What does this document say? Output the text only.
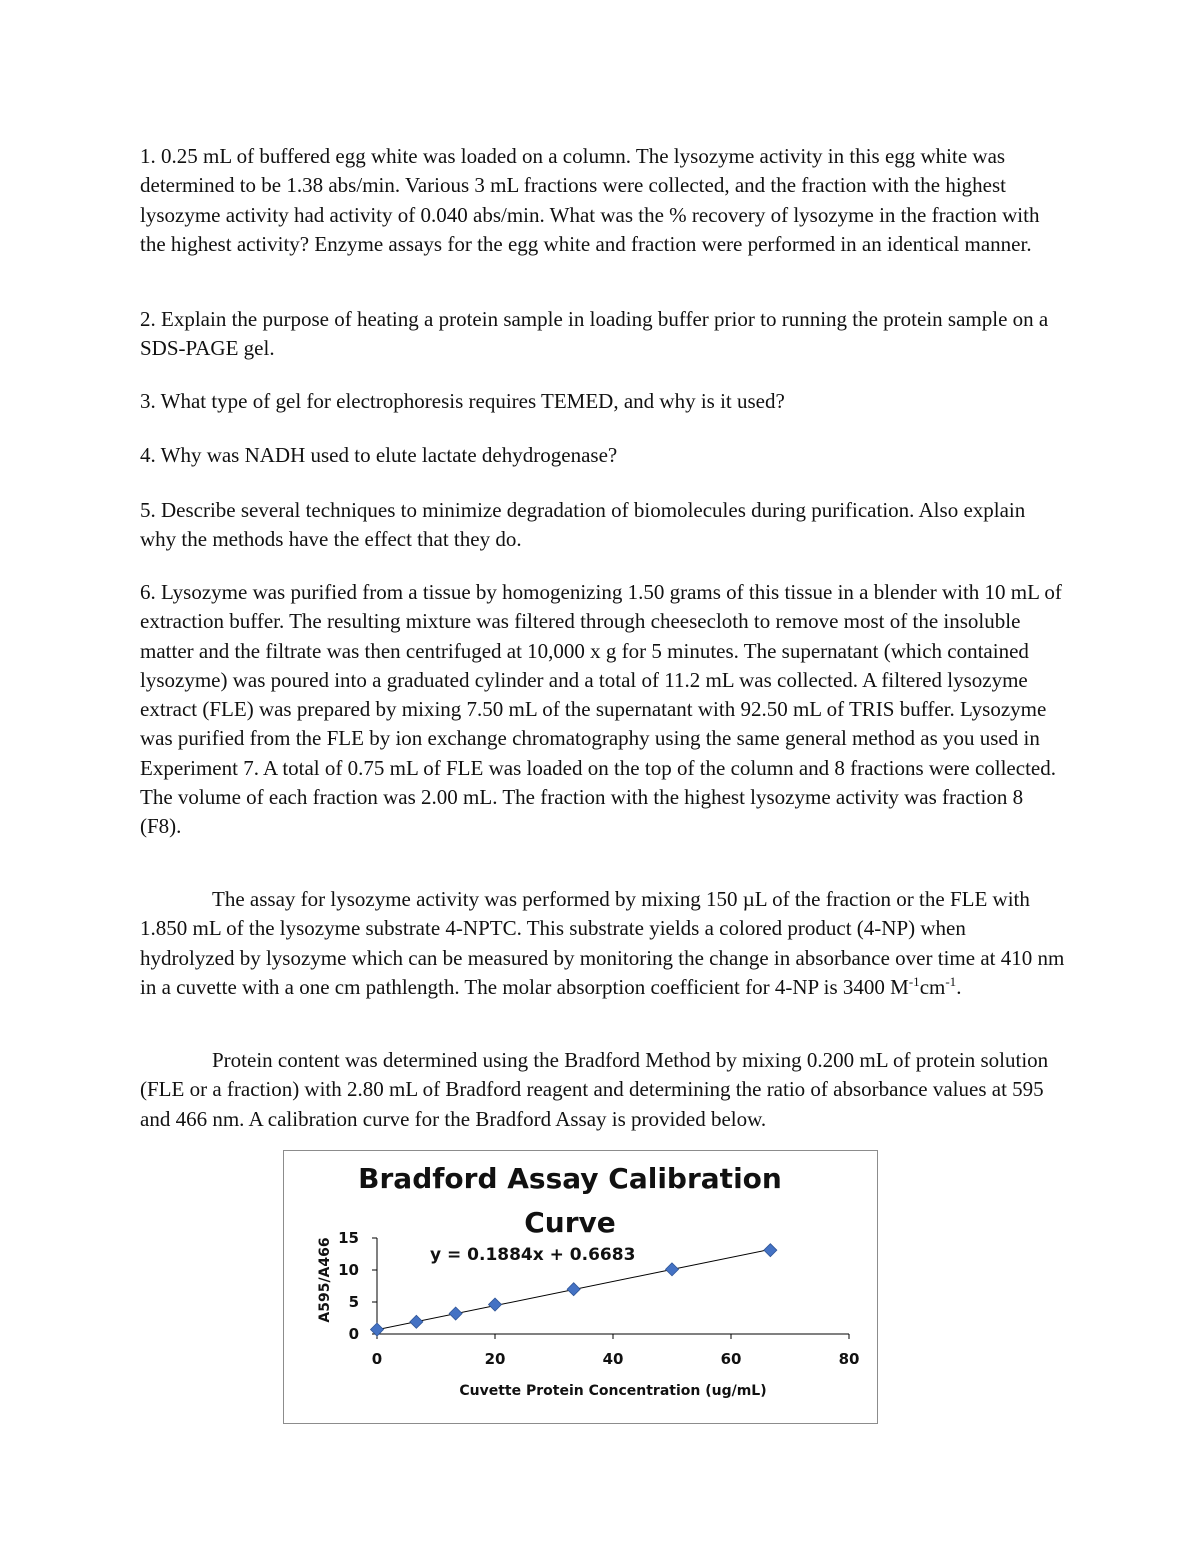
1. 0.25 mL of buffered egg white was loaded on a column. The lysozyme activity in this egg white was determined to be 1.38 abs/min. Various 3 mL fractions were collected, and the fraction with the highest lysozyme activity had activity of 0.040 abs/min. What was the % recovery of lysozyme in the fraction with the highest activity? Enzyme assays for the egg white and fraction were performed in an identical manner.

2. Explain the purpose of heating a protein sample in loading buffer prior to running the protein sample on a SDS-PAGE gel.

3. What type of gel for electrophoresis requires TEMED, and why is it used?

4. Why was NADH used to elute lactate dehydrogenase?

5. Describe several techniques to minimize degradation of biomolecules during purification. Also explain why the methods have the effect that they do.

6. Lysozyme was purified from a tissue by homogenizing 1.50 grams of this tissue in a blender with 10 mL of extraction buffer. The resulting mixture was filtered through cheesecloth to remove most of the insoluble matter and the filtrate was then centrifuged at 10,000 x g for 5 minutes. The supernatant (which contained lysozyme) was poured into a graduated cylinder and a total of 11.2 mL was collected. A filtered lysozyme extract (FLE) was prepared by mixing 7.50 mL of the supernatant with 92.50 mL of TRIS buffer. Lysozyme was purified from the FLE by ion exchange chromatography using the same general method as you used in Experiment 7. A total of 0.75 mL of FLE was loaded on the top of the column and 8 fractions were collected. The volume of each fraction was 2.00 mL. The fraction with the highest lysozyme activity was fraction 8 (F8).

The assay for lysozyme activity was performed by mixing 150 µL of the fraction or the FLE with 1.850 mL of the lysozyme substrate 4-NPTC. This substrate yields a colored product (4-NP) when hydrolyzed by lysozyme which can be measured by monitoring the change in absorbance over time at 410 nm in a cuvette with a one cm pathlength. The molar absorption coefficient for 4-NP is 3400 $M^{-1}cm^{-1}$.

Protein content was determined using the Bradford Method by mixing 0.200 mL of protein solution (FLE or a fraction) with 2.80 mL of Bradford reagent and determining the ratio of absorbance values at 595 and 466 nm. A calibration curve for the Bradford Assay is provided below.

Bradford Assay Calibration
Curve
y = 0.1884x + 0.6683
0
5
10
15
0	20	40	60	80
A595/A466
Cuvette Protein Concentration (ug/mL)
